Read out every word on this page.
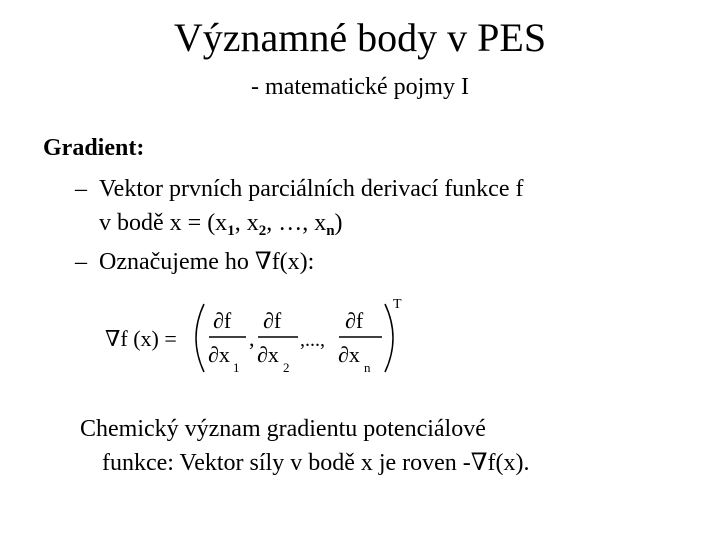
Významné body v PES
- matematické pojmy I
Gradient:
– Vektor prvních parciálních derivací funkce f
v bodě $x = (x_1$, $x_2$, …, $x_n$)
– Označujeme ho ∇f(x):
∇f (x) =
∂f
∂x
1
,
∂f
∂x
2
,...,
∂f
∂x
n
T
Chemický význam gradientu potenciálové
funkce: Vektor síly v bodě x je roven -∇f(x).
